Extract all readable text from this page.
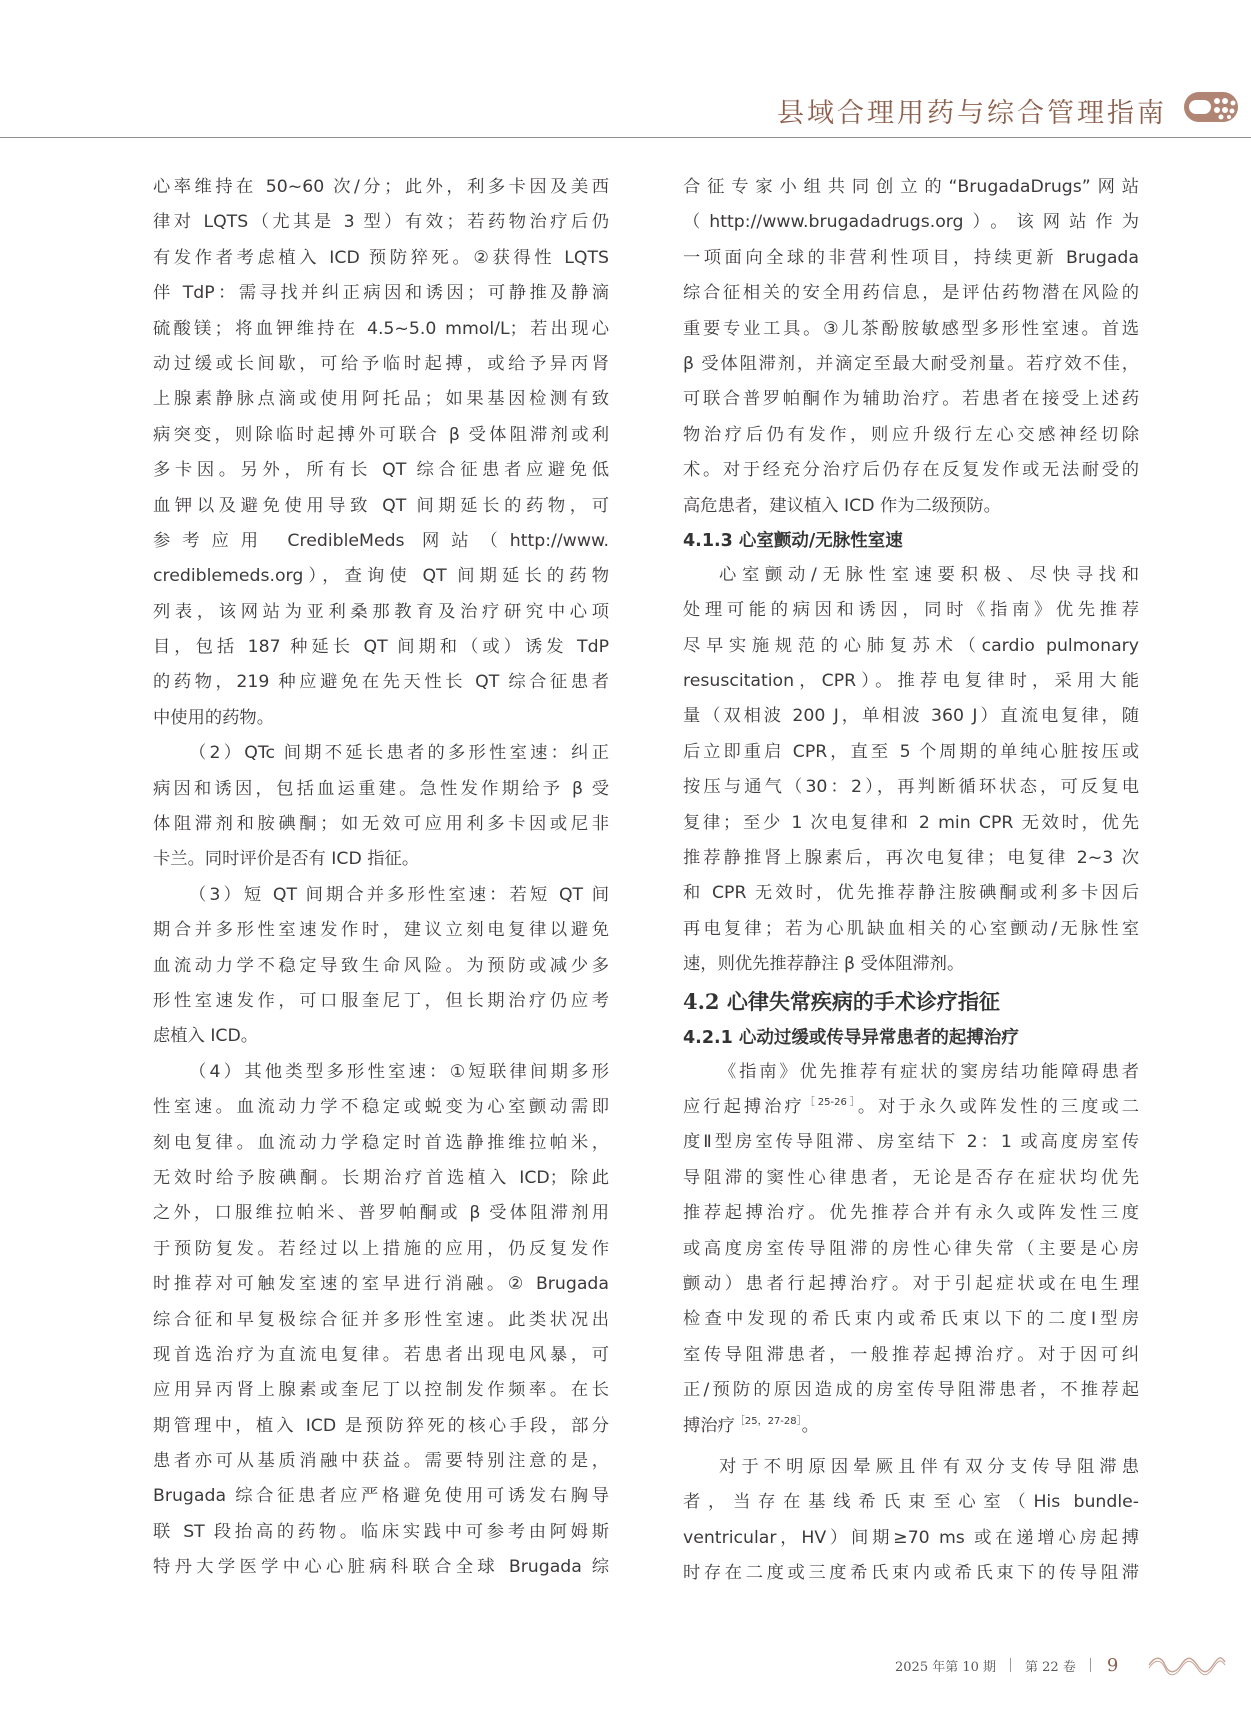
县域合理用药与综合管理指南
心率维持在 50~60 次/分；此外，利多卡因及美西
律对 LQTS（尤其是 3 型）有效；若药物治疗后仍
有发作者考虑植入 ICD 预防猝死。②获得性 LQTS
伴 TdP：需寻找并纠正病因和诱因；可静推及静滴
硫酸镁；将血钾维持在 4.5~5.0 mmol/L；若出现心
动过缓或长间歇，可给予临时起搏，或给予异丙肾
上腺素静脉点滴或使用阿托品；如果基因检测有致
病突变，则除临时起搏外可联合 β 受体阻滞剂或利
多卡因。另外，所有长 QT 综合征患者应避免低
血钾以及避免使用导致 QT 间期延长的药物，可
参考应用 CredibleMeds 网站（http://www.
crediblemeds.org），查询使 QT 间期延长的药物
列表，该网站为亚利桑那教育及治疗研究中心项
目，包括 187 种延长 QT 间期和（或）诱发 TdP
的药物，219 种应避免在先天性长 QT 综合征患者
中使用的药物。
（2）QTc 间期不延长患者的多形性室速：纠正
病因和诱因，包括血运重建。急性发作期给予 β 受
体阻滞剂和胺碘酮；如无效可应用利多卡因或尼非
卡兰。同时评价是否有 ICD 指征。
（3）短 QT 间期合并多形性室速：若短 QT 间
期合并多形性室速发作时，建议立刻电复律以避免
血流动力学不稳定导致生命风险。为预防或减少多
形性室速发作，可口服奎尼丁，但长期治疗仍应考
虑植入 ICD。
（4）其他类型多形性室速：①短联律间期多形
性室速。血流动力学不稳定或蜕变为心室颤动需即
刻电复律。血流动力学稳定时首选静推维拉帕米，
无效时给予胺碘酮。长期治疗首选植入 ICD；除此
之外，口服维拉帕米、普罗帕酮或 β 受体阻滞剂用
于预防复发。若经过以上措施的应用，仍反复发作
时推荐对可触发室速的室早进行消融。② Brugada
综合征和早复极综合征并多形性室速。此类状况出
现首选治疗为直流电复律。若患者出现电风暴，可
应用异丙肾上腺素或奎尼丁以控制发作频率。在长
期管理中，植入 ICD 是预防猝死的核心手段，部分
患者亦可从基质消融中获益。需要特别注意的是，
Brugada 综合征患者应严格避免使用可诱发右胸导
联 ST 段抬高的药物。临床实践中可参考由阿姆斯
特丹大学医学中心心脏病科联合全球 Brugada 综
合征专家小组共同创立的“BrugadaDrugs”网站
（http://www.brugadadrugs.org）。该网站作为
一项面向全球的非营利性项目，持续更新 Brugada
综合征相关的安全用药信息，是评估药物潜在风险的
重要专业工具。③儿茶酚胺敏感型多形性室速。首选
β 受体阻滞剂，并滴定至最大耐受剂量。若疗效不佳，
可联合普罗帕酮作为辅助治疗。若患者在接受上述药
物治疗后仍有发作，则应升级行左心交感神经切除
术。对于经充分治疗后仍存在反复发作或无法耐受的
高危患者，建议植入 ICD 作为二级预防。
4.1.3 心室颤动/无脉性室速
心室颤动/无脉性室速要积极、尽快寻找和
处理可能的病因和诱因，同时《指南》优先推荐
尽早实施规范的心肺复苏术（cardio pulmonary
resuscitation，CPR）。推荐电复律时，采用大能
量（双相波 200 J，单相波 360 J）直流电复律，随
后立即重启 CPR，直至 5 个周期的单纯心脏按压或
按压与通气（30：2），再判断循环状态，可反复电
复律；至少 1 次电复律和 2 min CPR 无效时，优先
推荐静推肾上腺素后，再次电复律；电复律 2~3 次
和 CPR 无效时，优先推荐静注胺碘酮或利多卡因后
再电复律；若为心肌缺血相关的心室颤动/无脉性室
速，则优先推荐静注 β 受体阻滞剂。
4.2 心律失常疾病的手术诊疗指征
4.2.1 心动过缓或传导异常患者的起搏治疗
《指南》优先推荐有症状的窦房结功能障碍患者
应行起搏治疗$^{[25-26]}$。对于永久或阵发性的三度或二
度Ⅱ型房室传导阻滞、房室结下 2：1 或高度房室传
导阻滞的窦性心律患者，无论是否存在症状均优先
推荐起搏治疗。优先推荐合并有永久或阵发性三度
或高度房室传导阻滞的房性心律失常（主要是心房
颤动）患者行起搏治疗。对于引起症状或在电生理
检查中发现的希氏束内或希氏束以下的二度Ⅰ型房
室传导阻滞患者，一般推荐起搏治疗。对于因可纠
正/预防的原因造成的房室传导阻滞患者，不推荐起
搏治疗$^{[25,27-28]}$。
对于不明原因晕厥且伴有双分支传导阻滞患
者，当存在基线希氏束至心室（His bundle-
ventricular，HV）间期≥70 ms 或在递增心房起搏
时存在二度或三度希氏束内或希氏束下的传导阻滞
2025 年第 10 期 第 22 卷 9
